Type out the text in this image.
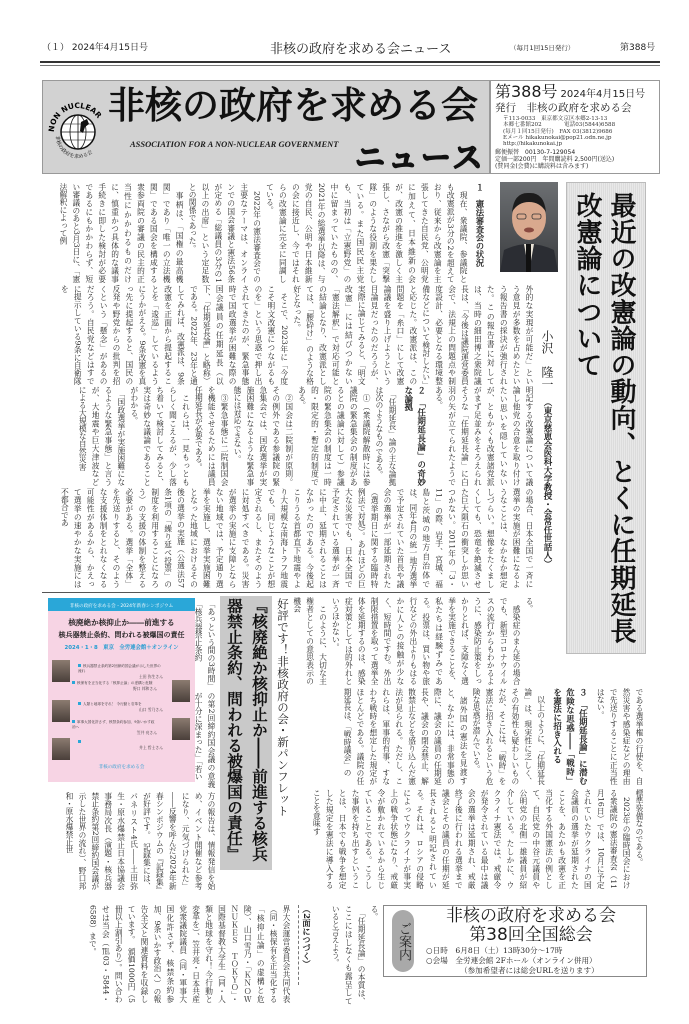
（１） 2024年4月15日号	非核の政府を求める会ニュース	（毎月1回15日発行）	第388号
NON NUCLEAR
非核の政府を求める会
非核の政府を求める会
ASSOCIATION FOR A NON-NUCLEAR GOVERNMENT ニュース
第388号 2024年4月15日号
発行　非核の政府を求める会
〒113-0033　東京都文京区本郷2-13-13
本郷七番館202　　　　電話03(5844)6588
(毎月１回15日発行)　FAX 03(3812)9686
Eメール hikakunokai@pop21.odn.ne.jp
http://hikakunokai.jp
郵便振替　00130-7-129054
定価一部200円　年間購読料 2,500円(送込)
(賛同金(会費)に購読料は含みます)
最近の改憲論の動向、とくに任期延長
改憲論について
小沢　隆一（東京慈恵会医科大学教授・会常任世話人）

１　憲法審査会の状況

　現在、衆議院、参議院とも改憲派が3分の2を超えており、従来から改憲論を主張してきた自民党、公明党に加えて、日本維新の会が、改憲の推進を激しく主張し、さながら改憲「突撃隊」のような役割を果たしている。また国民民主党も、当初は「立憲野党」の中に留まっていたものの、2021年の総選挙以降は、与党の自民、公明や日本維新の会に接近し、今ではそれらの改憲論に完全に同調している。

　2022年の憲法審査会での主要なテーマは、オンラインでの国会審議と憲法56条が定める「総議員の3分の1以上の出席」という定足数との関係であった。

　事柄は、「国権の最高機関」であり「唯一の立法機関」である国会を構成する衆参両院の審議の民主的正当性にかかわるものだけに、慎重かつ具体的な議事手続きに即した検討が必要であるにもかかわらず、短い審議のあと3月3日に、「憲法解釈によって例

外的な実現が可能だ」という意見が多数を占めたという報告書の採決が強行された。この報告書に対しては、当時の細田博之衆院議長は、「今後は議院運営委員会で、法規上の問題点や制度設計、必要となる環境整備などについて検討したい」と応じた。改憲派は、この問題を「糸口」にして改憲論議を盛り上げようという目論見だったのだろうが、実際に論じてみると、「明文改憲」には結びつかない「憲法解釈」で対応可能との結論となり、改憲派としては、「腰砕け」のような格好となった。

　そこで、2023年に「今度こそ明文改憲につながるものを」という思惑で押し出されてきたのが、緊急事態時で国政選挙が困難な際の国会議員の任期延長（以下、「任期延長論」と略称）である。2022年、23年と通してみれば、改憲派は、9条改憲を正面から提起することを「逡巡」しているようにうかがえる。9条改憲を真っ先に提起すると、国民の反発や野党からの批判を招くという「懸念」があるのだろう。自民党などはすでに提示している9条に自衛隊を

明記する改憲論について議論し他党の合意を取り付けたい思いを隠していないが、ともかくも改憲諸党派がまず足並みをそろえられそうな「任期延長論」に白羽の矢が立てられたようである。

２　「任期延長論」の奇妙な論拠

　「任期延長」論の主な論拠は次のようなものである。

　①（衆議院解散時には参議院の緊急集会の制度があるとの議論に対して）参議院の緊急集会の制度は一時的・限定的・暫定的制度である。

　②国会は二院制が原則。その例外である参議院の緊急集会では、国政選挙が実施困難になるような緊急事態には対応できない。

　③緊急事態に二院制国会を機能させるためには議員任期延長が必要である。

　これらは、一見もっともらしく聞こえるが、少し落ち着いて検討してみると、実は奇妙な議論であることがわかる。

　「国政選挙が実施困難になるような緊急事態」と言うが、大地震や巨大津波などによる大規模な自然災害

の場合、日本全国で一斉に選挙の実施が困難になるようなことは、なかなか想定しづらい。想像をたくましくしても、恐竜を絶滅させた巨大隕石の衝突しか思いつかない。2011年の「3・11」の際、岩手、宮城、福島と茨城の地方自治体では、同年4月の統一地方選挙で予定されていた首長や議会の選挙が一部延期された（選挙期日に関する臨時特例法で対処）。あれほどの巨大な災害でも、日本全国で予定されている選挙が一斉に中止、延期されることはなかったのである。今後起こりうる首都直下地震やより大規模な南海トラフ地震でも、同じようなことが想定されるし、またそのように対処すべきである。災害が選挙の実施に支障とならない地域では、予定通り選挙を実施し、選挙実施困難となった地域におけるその後の選挙の実施（公選法57条1項の「繰り延べ投票」の制度を利用することになろう）の支援の体制を整える必要がある。選挙「全体」を先送りすると、そのような支援体制をとれなくなる可能性があるから、かえって選挙の速やかな実施には不都合であ

る。

　感染症のまん延の場合でも、新型コロナウイルスの流行からもわかるように、感染防止策をしっかりとれば、支障なく選挙を実施できることを、私たちは経験ずみである。投票は、買い物や旅行などの外出よりもはるかに人との接触が少なく、短時間ですむ。外出制限措置を取って選挙全体を延期するのは、感染症対策としては的外れというほかない。

　このように、大切な主権者としての意思表示の機会

である選挙権の行使を、自然災害や感染症などの理由で先送りすることに正当性はない。

３　「任期延長論」に潜む危険な思惑――「戦時」を憲法に招き入れる

　以上のように、「任期延長論」は、現実性に乏しく、その有効性も疑わしいものだが、そこには、「戦時」を憲法に招き入れるという危険な思惑が潜んでいる。

　諸外国の憲法を見渡すと、なかには、非常事態の際に、議会の議員の任期延長や、議会の閉会禁止、解散禁止などを盛り込んだ憲法が見られる。ただし、これらは、軍事的有事、すなわち戦時を想定した規定がほとんどである。議院の任期延長は、「戦時議会」の

標準装備なのである。

　2023年の臨時国会における衆議院の憲法審査会（11月16日）では、10月に予定されていたウクライナの国会議員の選挙が延期されたことを、あたかも改憲を正当化する外国憲法の例として、自民党の中谷元議員や公明党の北側一雄議員が紹介している。たしかに、ウクライナ憲法では、戒厳令が発令されている最中は議会の選挙は延期され、戒厳終了後に行われる選挙まで議会とその議員の任期が延長されると明記されている。それは、ロシアの侵略によってウクライナが事実上の戦争状態になり、戒厳令が敷かれているから生じていることである。こうした事例を持ち出すということは、日本でも戦争を想定した規定を憲法に導入することを意味す

る。

　「任期延長論」の本質は、ここにはしなくも露呈していると言えよう。

（2面につづく）
非核の政府を求める会・2024年新春シンポジウム
核廃絶か核抑止か――前進する
核兵器禁止条約、問われる被爆国の責任
2024・1・8　東京　全労連会館＋オンライン
核兵器禁止条約第2回締約国会議が示した世界の流れ
土田 弥生さん
核保有を正当化する「核抑止論」の虚構と危険
野口 邦和さん
人類と地球を守れ！ 今行動と変革を
山口 雪乃さん
軍事大国化許さず、核禁条約参加、9条いかす政治へ
笠井 亮さん
井上 哲士さん
非核の政府を求める会

「あっという間の3時間」「核兵器禁止条約

の第2回締約国会議の意義が十分に深まった」「若い	『核廃絶か核抑止か――前進する核兵器禁止条約、問われる被爆国の責任』	好評です！非核政府の会・新パンフレット

方の報告は、情報発信を始め、イベント開催など参考になり、元気づけられた」――反響を呼んだ2024年新春シンポジウムの『記録集』が好評です。　記録集には、パネリスト4氏――土田弥生・原水爆禁止日本協議会事務局次長（演題・核兵器禁止条約第2回締約国会議が示した世界の流れ）、野口邦和・原水爆禁止世

界大会運営委員会共同代表（同・核保有を正当化する「核抑止論」の虚構と危険）、山口雪乃・「ＫＮＯＷ　ＮＵＫＥＳ　ＴＯＫＹＯ」・国際基督教大学生（同・人類と地球を守れ！今行動と変革を）、笠井亮・日本共産党衆議院議員（同・軍事大国化許さず、核禁条約参加、9条いかす政治へ）の報告全文と関連資料を収録しています。　頒価1000円（5冊以上割引あり）。問い合わせは当会（℡03・5844・6588）まで。	ご案内
非核の政府を求める会
第38回全国総会
○日時　 6月8日（土）13時30分～17時
○会場　 全労連会館 2Fホール（オンライン併用）
（参加希望者には総会URLを送ります）
